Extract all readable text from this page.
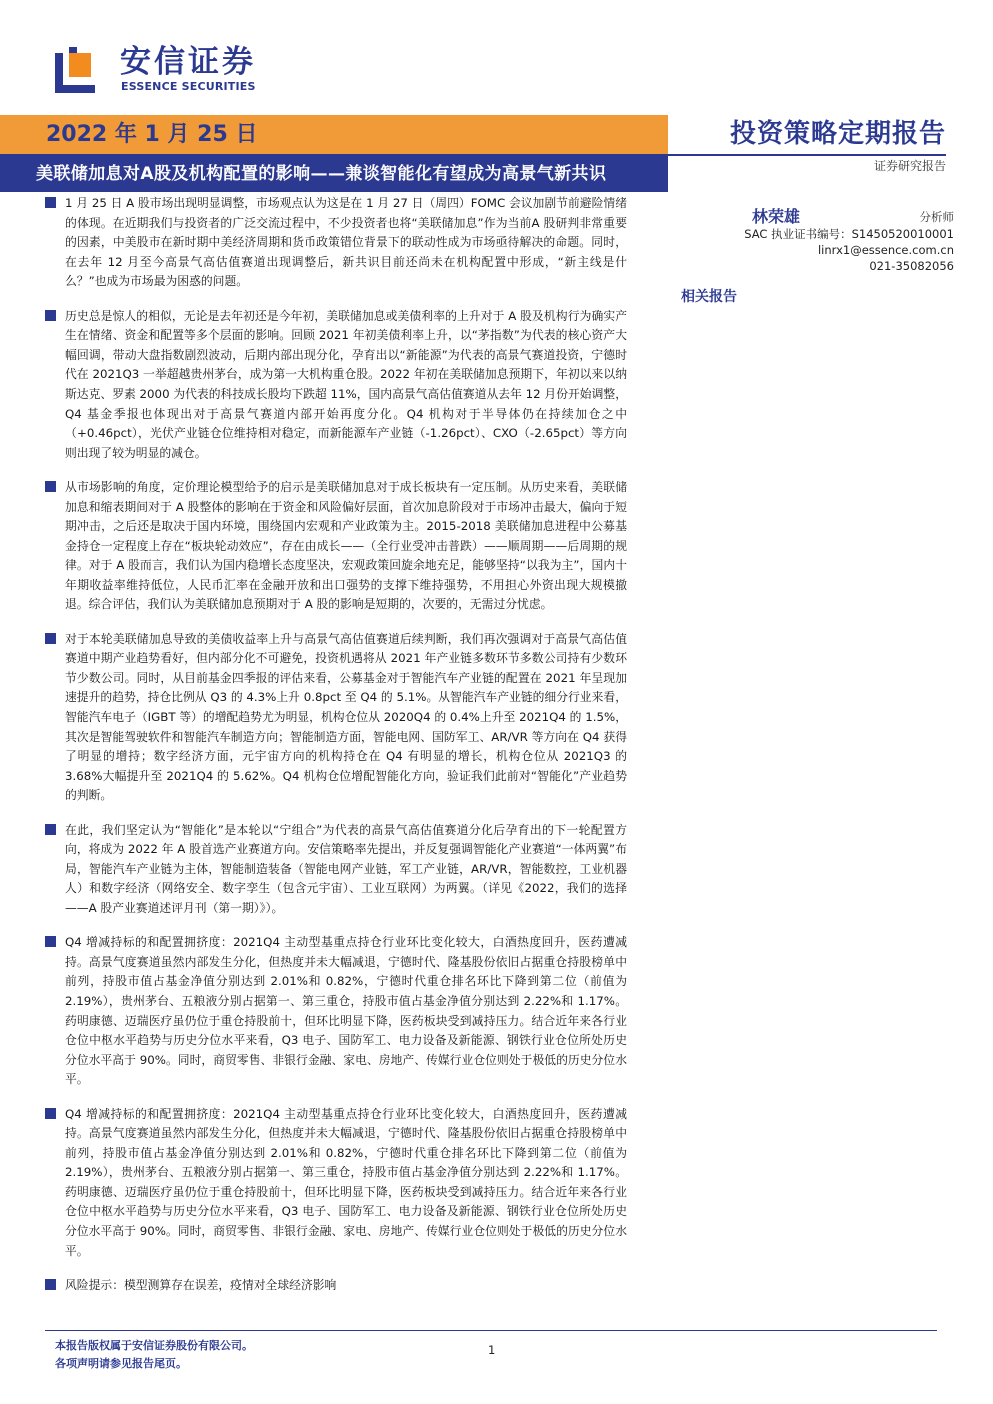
安信证券
ESSENCE SECURITIES
2022 年 1 月 25 日
美联储加息对A股及机构配置的影响——兼谈智能化有望成为高景气新共识
投资策略定期报告
证券研究报告
林荣雄	分析师
SAC 执业证书编号：S1450520010001
linrx1@essence.com.cn
021-35082056
相关报告
1 月 25 日 A 股市场出现明显调整，市场观点认为这是在 1 月 27 日（周四）FOMC 会议加剧节前避险情绪的体现。在近期我们与投资者的广泛交流过程中，不少投资者也将“美联储加息”作为当前A 股研判非常重要的因素，中美股市在新时期中美经济周期和货币政策错位背景下的联动性成为市场亟待解决的命题。同时，在去年 12 月至今高景气高估值赛道出现调整后，新共识目前还尚未在机构配置中形成，“新主线是什么？”也成为市场最为困惑的问题。
历史总是惊人的相似，无论是去年初还是今年初，美联储加息或美债利率的上升对于 A 股及机构行为确实产生在情绪、资金和配置等多个层面的影响。回顾 2021 年初美债利率上升，以“茅指数”为代表的核心资产大幅回调，带动大盘指数剧烈波动，后期内部出现分化，孕育出以“新能源”为代表的高景气赛道投资，宁德时代在 2021Q3 一举超越贵州茅台，成为第一大机构重仓股。2022 年初在美联储加息预期下，年初以来以纳斯达克、罗素 2000 为代表的科技成长股均下跌超 11%，国内高景气高估值赛道从去年 12 月份开始调整，Q4 基金季报也体现出对于高景气赛道内部开始再度分化。Q4 机构对于半导体仍在持续加仓之中（+0.46pct），光伏产业链仓位维持相对稳定，而新能源车产业链（-1.26pct）、CXO（-2.65pct）等方向则出现了较为明显的减仓。
从市场影响的角度，定价理论模型给予的启示是美联储加息对于成长板块有一定压制。从历史来看，美联储加息和缩表期间对于 A 股整体的影响在于资金和风险偏好层面，首次加息阶段对于市场冲击最大，偏向于短期冲击，之后还是取决于国内环境，围绕国内宏观和产业政策为主。2015-2018 美联储加息进程中公募基金持仓一定程度上存在“板块轮动效应”，存在由成长——（全行业受冲击普跌）——顺周期——后周期的规律。对于 A 股而言，我们认为国内稳增长态度坚决，宏观政策回旋余地充足，能够坚持“以我为主”，国内十年期收益率维持低位，人民币汇率在金融开放和出口强势的支撑下维持强势，不用担心外资出现大规模撤退。综合评估，我们认为美联储加息预期对于 A 股的影响是短期的，次要的，无需过分忧虑。
对于本轮美联储加息导致的美债收益率上升与高景气高估值赛道后续判断，我们再次强调对于高景气高估值赛道中期产业趋势看好，但内部分化不可避免，投资机遇将从 2021 年产业链多数环节多数公司持有少数环节少数公司。同时，从目前基金四季报的评估来看，公募基金对于智能汽车产业链的配置在 2021 年呈现加速提升的趋势，持仓比例从 Q3 的 4.3%上升 0.8pct 至 Q4 的 5.1%。从智能汽车产业链的细分行业来看，智能汽车电子（IGBT 等）的增配趋势尤为明显，机构仓位从 2020Q4 的 0.4%上升至 2021Q4 的 1.5%，其次是智能驾驶软件和智能汽车制造方向；智能制造方面，智能电网、国防军工、AR/VR 等方向在 Q4 获得了明显的增持；数字经济方面，元宇宙方向的机构持仓在 Q4 有明显的增长，机构仓位从 2021Q3 的 3.68%大幅提升至 2021Q4 的 5.62%。Q4 机构仓位增配智能化方向，验证我们此前对“智能化”产业趋势的判断。
在此，我们坚定认为“智能化”是本轮以“宁组合”为代表的高景气高估值赛道分化后孕育出的下一轮配置方向，将成为 2022 年 A 股首选产业赛道方向。安信策略率先提出，并反复强调智能化产业赛道“一体两翼”布局，智能汽车产业链为主体，智能制造装备（智能电网产业链，军工产业链，AR/VR，智能数控，工业机器人）和数字经济（网络安全、数字孪生（包含元宇宙）、工业互联网）为两翼。（详见《2022，我们的选择——A 股产业赛道述评月刊（第一期）》）。
Q4 增减持标的和配置拥挤度：2021Q4 主动型基重点持仓行业环比变化较大，白酒热度回升，医药遭减持。高景气度赛道虽然内部发生分化，但热度并未大幅减退，宁德时代、隆基股份依旧占据重仓持股榜单中前列，持股市值占基金净值分别达到 2.01%和 0.82%，宁德时代重仓排名环比下降到第二位（前值为 2.19%），贵州茅台、五粮液分别占据第一、第三重仓，持股市值占基金净值分别达到 2.22%和 1.17%。药明康德、迈瑞医疗虽仍位于重仓持股前十，但环比明显下降，医药板块受到减持压力。结合近年来各行业仓位中枢水平趋势与历史分位水平来看，Q3 电子、国防军工、电力设备及新能源、钢铁行业仓位所处历史分位水平高于 90%。同时，商贸零售、非银行金融、家电、房地产、传媒行业仓位则处于极低的历史分位水平。
Q4 增减持标的和配置拥挤度：2021Q4 主动型基重点持仓行业环比变化较大，白酒热度回升，医药遭减持。高景气度赛道虽然内部发生分化，但热度并未大幅减退，宁德时代、隆基股份依旧占据重仓持股榜单中前列，持股市值占基金净值分别达到 2.01%和 0.82%，宁德时代重仓排名环比下降到第二位（前值为 2.19%），贵州茅台、五粮液分别占据第一、第三重仓，持股市值占基金净值分别达到 2.22%和 1.17%。药明康德、迈瑞医疗虽仍位于重仓持股前十，但环比明显下降，医药板块受到减持压力。结合近年来各行业仓位中枢水平趋势与历史分位水平来看，Q3 电子、国防军工、电力设备及新能源、钢铁行业仓位所处历史分位水平高于 90%。同时，商贸零售、非银行金融、家电、房地产、传媒行业仓位则处于极低的历史分位水平。
风险提示：模型测算存在误差，疫情对全球经济影响
本报告版权属于安信证券股份有限公司。
各项声明请参见报告尾页。
1
